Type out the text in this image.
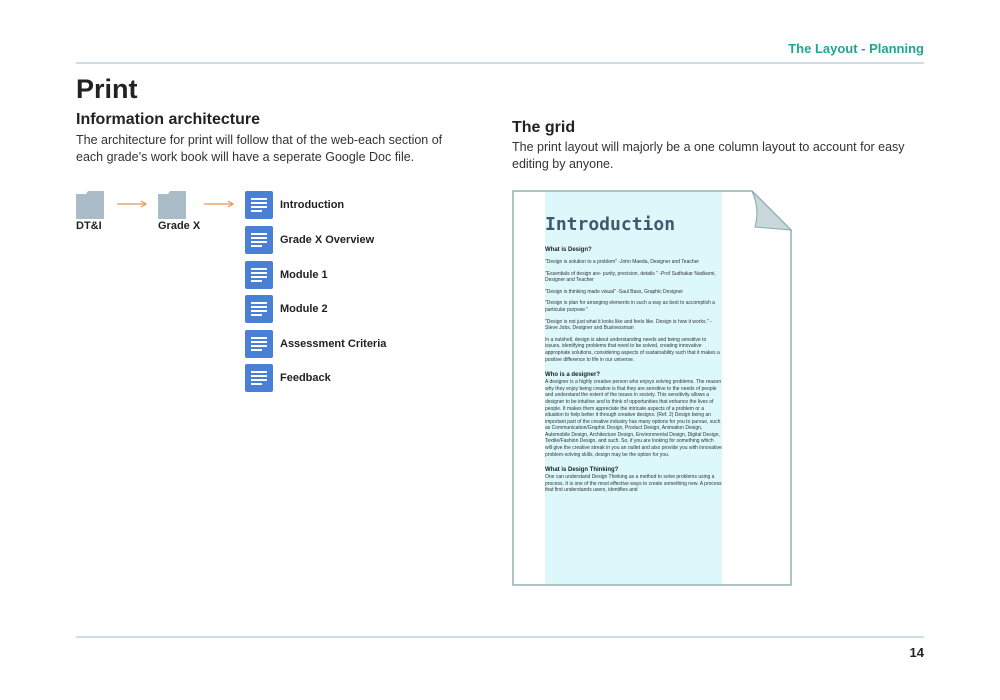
The Layout - Planning
Print
Information architecture

The architecture for print will follow that of the web-each section of each grade’s work book will have a seperate Google Doc file.

DT&I	Grade X
Introduction
Grade X Overview
Module 1
Module 2
Assessment Criteria
Feedback
The grid

The print layout will majorly be a one column layout to account for easy editing by anyone.

Introduction

What is Design?

"Design is solution to a problem" -John Maeda, Designer and Teacher

"Essentials of design are- purity, precision, details " -Prof Sudhakar Nadkarni, Designer and Teacher

"Design is thinking made visual" -Saul Bass, Graphic Designer

"Design is plan for arranging elements in such a way as best to accomplish a particular purpose "

"Design is not just what it looks like and feels like. Design is how it works." -Steve Jobs, Designer and Businessman

In a nutshell, design is about understanding needs and being sensitive to issues, identifying problems that need to be solved, creating innovative appropriate solutions, considering aspects of sustainability such that it makes a positive difference to life in our universe.

Who is a designer?

A designer is a highly creative person who enjoys solving problems. The reason why they enjoy being creative is that they are sensitive to the needs of people and understand the extent of the issues in society. This sensitivity allows a designer to be intuitive and to think of opportunities that enhance the lives of people. It makes them appreciate the intricate aspects of a problem or a situation to help better it through creative designs. (Ref. 2) Design being an important part of the creative industry has many options for you to pursue, such as Communication/Graphic Design, Product Design, Animation Design, Automobile Design, Architecture Design, Environmental Design, Digital Design, Textile/Fashion Design, and such. So, if you are looking for something which will give the creative streak in you an outlet and also provide you with innovative problem-solving skills, design may be the option for you.

What is Design Thinking?

One can understand Design Thinking as a method to solve problems using a process. It is one of the most effective ways to create something new. A process that first understands users, identifies and

14
